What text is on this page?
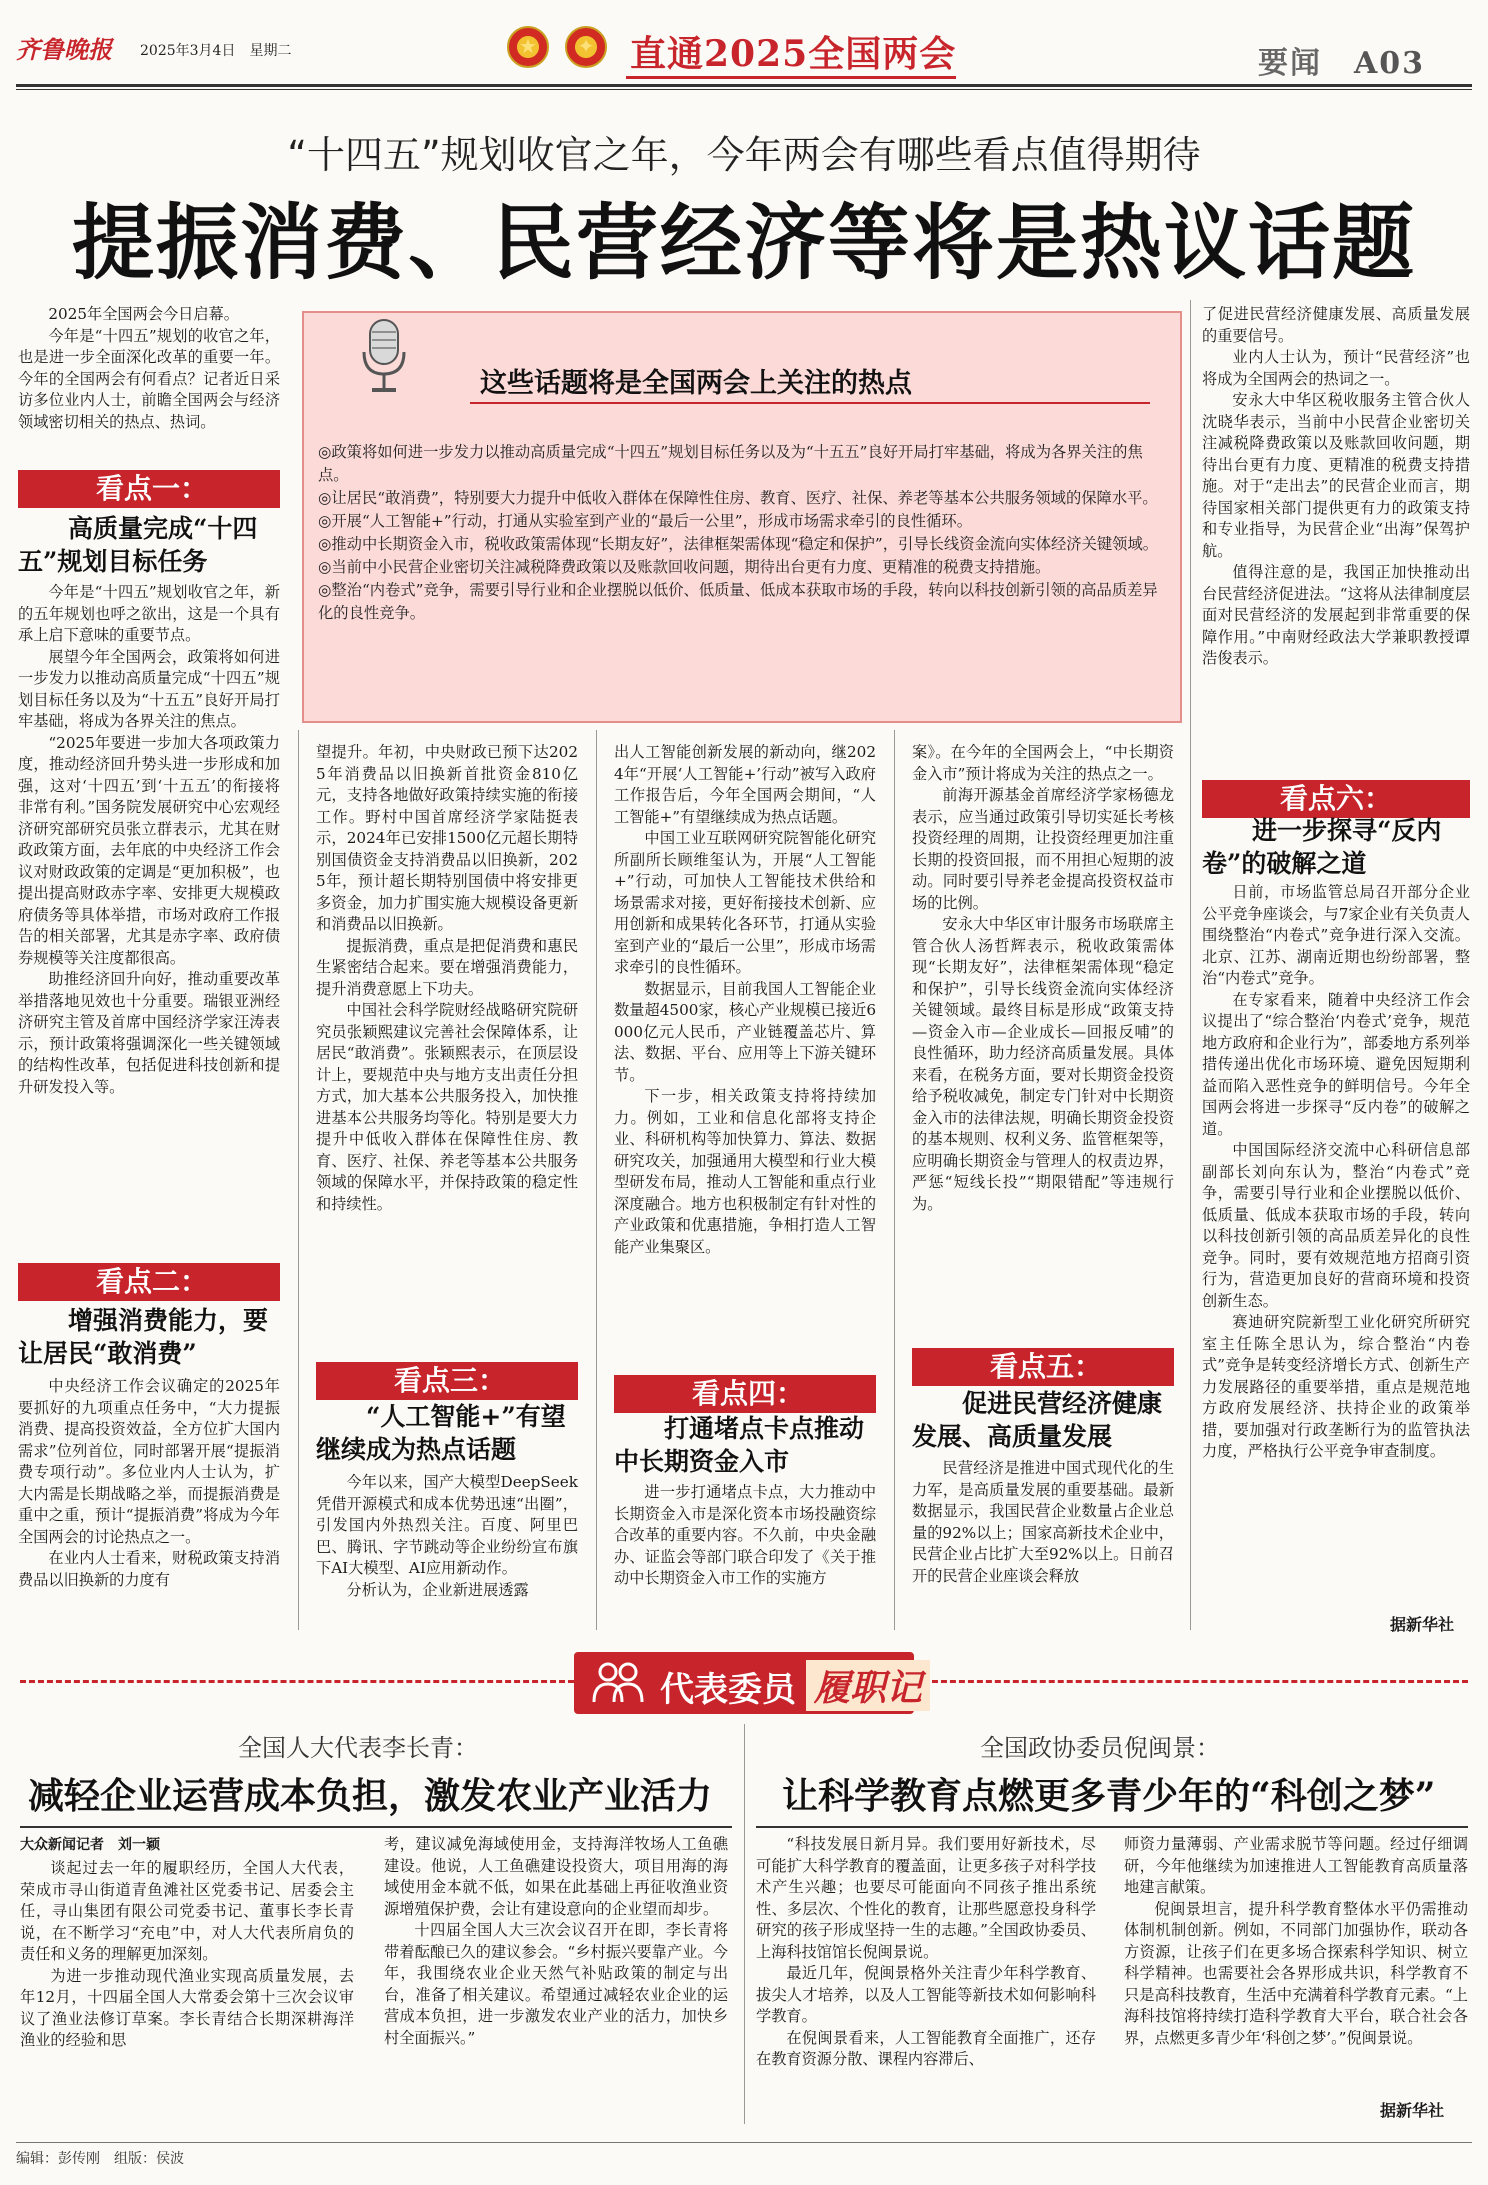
齐鲁晚报 2025年3月4日　 星期二	★	✦ 直通2025全国两会	要闻　 A03
“十四五”规划收官之年，今年两会有哪些看点值得期待
提振消费、民营经济等将是热议话题
◎政策将如何进一步发力以推动高质量完成“十四五”规划目标任务以及为“十五五”良好开局打牢基础，将成为各界关注的焦点。
◎让居民“敢消费”，特别要大力提升中低收入群体在保障性住房、教育、医疗、社保、养老等基本公共服务领域的保障水平。
◎开展“人工智能+”行动，打通从实验室到产业的“最后一公里”，形成市场需求牵引的良性循环。
◎推动中长期资金入市，税收政策需体现“长期友好”，法律框架需体现“稳定和保护”，引导长线资金流向实体经济关键领域。
◎当前中小民营企业密切关注减税降费政策以及账款回收问题，期待出台更有力度、更精准的税费支持措施。
◎整治“内卷式”竞争，需要引导行业和企业摆脱以低价、低质量、低成本获取市场的手段，转向以科技创新引领的高品质差异化的良性竞争。
这些话题将是全国两会上关注的热点

2025年全国两会今日启幕。

今年是“十四五”规划的收官之年，也是进一步全面深化改革的重要一年。今年的全国两会有何看点？记者近日采访多位业内人士，前瞻全国两会与经济领域密切相关的热点、热词。

看点一：
高质量完成“十四五”规划目标任务

今年是“十四五”规划收官之年，新的五年规划也呼之欲出，这是一个具有承上启下意味的重要节点。

展望今年全国两会，政策将如何进一步发力以推动高质量完成“十四五”规划目标任务以及为“十五五”良好开局打牢基础，将成为各界关注的焦点。

“2025年要进一步加大各项政策力度，推动经济回升势头进一步形成和加强，这对‘十四五’到‘十五五’的衔接将非常有利。”国务院发展研究中心宏观经济研究部研究员张立群表示，尤其在财政政策方面，去年底的中央经济工作会议对财政政策的定调是“更加积极”，也提出提高财政赤字率、安排更大规模政府债务等具体举措，市场对政府工作报告的相关部署，尤其是赤字率、政府债券规模等关注度都很高。

助推经济回升向好，推动重要改革举措落地见效也十分重要。瑞银亚洲经济研究主管及首席中国经济学家汪涛表示，预计政策将强调深化一些关键领域的结构性改革，包括促进科技创新和提升研发投入等。

看点二：
增强消费能力，要让居民“敢消费”

中央经济工作会议确定的2025年要抓好的九项重点任务中，“大力提振消费、提高投资效益，全方位扩大国内需求”位列首位，同时部署开展“提振消费专项行动”。多位业内人士认为，扩大内需是长期战略之举，而提振消费是重中之重，预计“提振消费”将成为今年全国两会的讨论热点之一。

在业内人士看来，财税政策支持消费品以旧换新的力度有

望提升。年初，中央财政已预下达2025年消费品以旧换新首批资金810亿元，支持各地做好政策持续实施的衔接工作。野村中国首席经济学家陆挺表示，2024年已安排1500亿元超长期特别国债资金支持消费品以旧换新，2025年，预计超长期特别国债中将安排更多资金，加力扩围实施大规模设备更新和消费品以旧换新。

提振消费，重点是把促消费和惠民生紧密结合起来。要在增强消费能力，提升消费意愿上下功夫。

中国社会科学院财经战略研究院研究员张颖熙建议完善社会保障体系，让居民“敢消费”。张颖熙表示，在顶层设计上，要规范中央与地方支出责任分担方式，加大基本公共服务投入，加快推进基本公共服务均等化。特别是要大力提升中低收入群体在保障性住房、教育、医疗、社保、养老等基本公共服务领域的保障水平，并保持政策的稳定性和持续性。

看点三：
“人工智能+”有望继续成为热点话题

今年以来，国产大模型DeepSeek凭借开源模式和成本优势迅速“出圈”，引发国内外热烈关注。百度、阿里巴巴、腾讯、字节跳动等企业纷纷宣布旗下AI大模型、AI应用新动作。

分析认为，企业新进展透露

出人工智能创新发展的新动向，继2024年“开展‘人工智能+’行动”被写入政府工作报告后，今年全国两会期间，“人工智能+”有望继续成为热点话题。

中国工业互联网研究院智能化研究所副所长顾维玺认为，开展“人工智能+”行动，可加快人工智能技术供给和场景需求对接，更好衔接技术创新、应用创新和成果转化各环节，打通从实验室到产业的“最后一公里”，形成市场需求牵引的良性循环。

数据显示，目前我国人工智能企业数量超4500家，核心产业规模已接近6000亿元人民币，产业链覆盖芯片、算法、数据、平台、应用等上下游关键环节。

下一步，相关政策支持将持续加力。例如，工业和信息化部将支持企业、科研机构等加快算力、算法、数据研究攻关，加强通用大模型和行业大模型研发布局，推动人工智能和重点行业深度融合。地方也积极制定有针对性的产业政策和优惠措施，争相打造人工智能产业集聚区。

看点四：
打通堵点卡点推动中长期资金入市

进一步打通堵点卡点，大力推动中长期资金入市是深化资本市场投融资综合改革的重要内容。不久前，中央金融办、证监会等部门联合印发了《关于推动中长期资金入市工作的实施方

案》。在今年的全国两会上，“中长期资金入市”预计将成为关注的热点之一。

前海开源基金首席经济学家杨德龙表示，应当通过政策引导切实延长考核投资经理的周期，让投资经理更加注重长期的投资回报，而不用担心短期的波动。同时要引导养老金提高投资权益市场的比例。

安永大中华区审计服务市场联席主管合伙人汤哲辉表示，税收政策需体现“长期友好”，法律框架需体现“稳定和保护”，引导长线资金流向实体经济关键领域。最终目标是形成“政策支持—资金入市—企业成长—回报反哺”的良性循环，助力经济高质量发展。具体来看，在税务方面，要对长期资金投资给予税收减免，制定专门针对中长期资金入市的法律法规，明确长期资金投资的基本规则、权利义务、监管框架等，应明确长期资金与管理人的权责边界，严惩“短线长投”“期限错配”等违规行为。

看点五：
促进民营经济健康发展、高质量发展

民营经济是推进中国式现代化的生力军，是高质量发展的重要基础。最新数据显示，我国民营企业数量占企业总量的92%以上；国家高新技术企业中，民营企业占比扩大至92%以上。日前召开的民营企业座谈会释放

了促进民营经济健康发展、高质量发展的重要信号。

业内人士认为，预计“民营经济”也将成为全国两会的热词之一。

安永大中华区税收服务主管合伙人沈晓华表示，当前中小民营企业密切关注减税降费政策以及账款回收问题，期待出台更有力度、更精准的税费支持措施。对于“走出去”的民营企业而言，期待国家相关部门提供更有力的政策支持和专业指导，为民营企业“出海”保驾护航。

值得注意的是，我国正加快推动出台民营经济促进法。“这将从法律制度层面对民营经济的发展起到非常重要的保障作用。”中南财经政法大学兼职教授谭浩俊表示。

看点六：
进一步探寻“反内卷”的破解之道

日前，市场监管总局召开部分企业公平竞争座谈会，与7家企业有关负责人围绕整治“内卷式”竞争进行深入交流。北京、江苏、湖南近期也纷纷部署，整治“内卷式”竞争。

在专家看来，随着中央经济工作会议提出了“综合整治‘内卷式’竞争，规范地方政府和企业行为”，部委地方系列举措传递出优化市场环境、避免因短期利益而陷入恶性竞争的鲜明信号。今年全国两会将进一步探寻“反内卷”的破解之道。

中国国际经济交流中心科研信息部副部长刘向东认为，整治“内卷式”竞争，需要引导行业和企业摆脱以低价、低质量、低成本获取市场的手段，转向以科技创新引领的高品质差异化的良性竞争。同时，要有效规范地方招商引资行为，营造更加良好的营商环境和投资创新生态。

赛迪研究院新型工业化研究所研究室主任陈全思认为，综合整治“内卷式”竞争是转变经济增长方式、创新生产力发展路径的重要举措，重点是规范地方政府发展经济、扶持企业的政策举措，要加强对行政垄断行为的监管执法力度，严格执行公平竞争审查制度。

据新华社
代表委员 履职记
全国人大代表李长青：
减轻企业运营成本负担，激发农业产业活力
大众新闻记者　刘一颖

谈起过去一年的履职经历，全国人大代表，荣成市寻山街道青鱼滩社区党委书记、居委会主任，寻山集团有限公司党委书记、董事长李长青说，在不断学习“充电”中，对人大代表所肩负的责任和义务的理解更加深刻。

为进一步推动现代渔业实现高质量发展，去年12月，十四届全国人大常委会第十三次会议审议了渔业法修订草案。李长青结合长期深耕海洋渔业的经验和思

考，建议减免海域使用金，支持海洋牧场人工鱼礁建设。他说，人工鱼礁建设投资大，项目用海的海域使用金本就不低，如果在此基础上再征收渔业资源增殖保护费，会让有建设意向的企业望而却步。

十四届全国人大三次会议召开在即，李长青将带着酝酿已久的建议参会。“乡村振兴要靠产业。今年，我围绕农业企业天然气补贴政策的制定与出台，准备了相关建议。希望通过减轻农业企业的运营成本负担，进一步激发农业产业的活力，加快乡村全面振兴。”

全国政协委员倪闽景：
让科学教育点燃更多青少年的“科创之梦”

“科技发展日新月异。我们要用好新技术，尽可能扩大科学教育的覆盖面，让更多孩子对科学技术产生兴趣；也要尽可能面向不同孩子推出系统性、多层次、个性化的教育，让那些愿意投身科学研究的孩子形成坚持一生的志趣。”全国政协委员、上海科技馆馆长倪闽景说。

最近几年，倪闽景格外关注青少年科学教育、拔尖人才培养，以及人工智能等新技术如何影响科学教育。

在倪闽景看来，人工智能教育全面推广，还存在教育资源分散、课程内容滞后、

师资力量薄弱、产业需求脱节等问题。经过仔细调研，今年他继续为加速推进人工智能教育高质量落地建言献策。

倪闽景坦言，提升科学教育整体水平仍需推动体制机制创新。例如，不同部门加强协作，联动各方资源，让孩子们在更多场合探索科学知识、树立科学精神。也需要社会各界形成共识，科学教育不只是高科技教育，生活中充满着科学教育元素。“上海科技馆将持续打造科学教育大平台，联合社会各界，点燃更多青少年‘科创之梦’。”倪闽景说。

据新华社
编辑：彭传刚　组版：侯波
